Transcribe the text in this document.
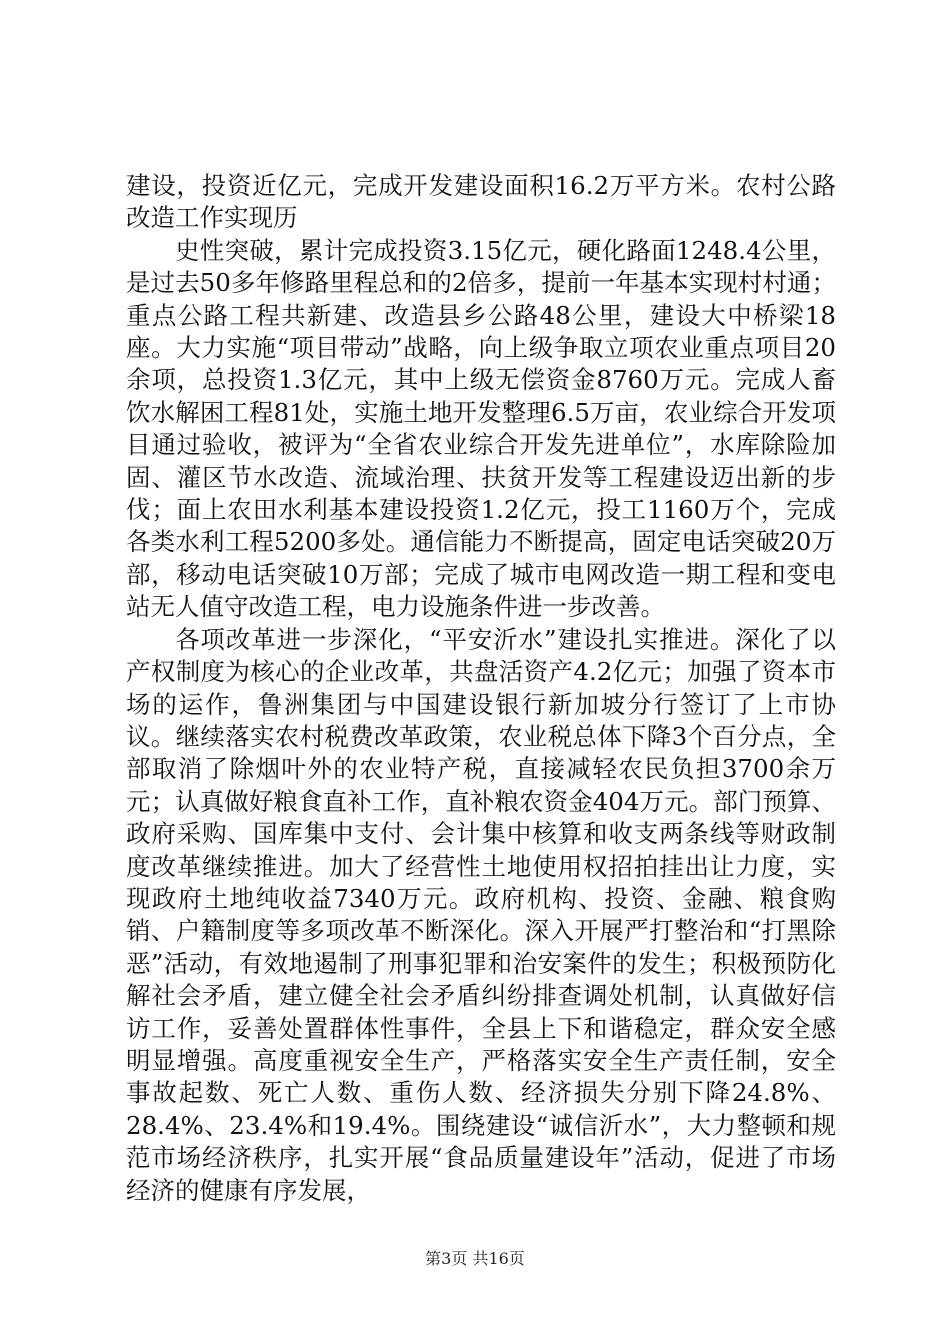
建设，投资近亿元，完成开发建设面积16.2万平方米。农村公路改造工作实现历

史性突破，累计完成投资3.15亿元，硬化路面1248.4公里，是过去50多年修路里程总和的2倍多，提前一年基本实现村村通；重点公路工程共新建、改造县乡公路48公里，建设大中桥梁18座。大力实施“项目带动”战略，向上级争取立项农业重点项目20余项，总投资1.3亿元，其中上级无偿资金8760万元。完成人畜饮水解困工程81处，实施土地开发整理6.5万亩，农业综合开发项目通过验收，被评为“全省农业综合开发先进单位”，水库除险加固、灌区节水改造、流域治理、扶贫开发等工程建设迈出新的步伐；面上农田水利基本建设投资1.2亿元，投工1160万个，完成各类水利工程5200多处。通信能力不断提高，固定电话突破20万部，移动电话突破10万部；完成了城市电网改造一期工程和变电站无人值守改造工程，电力设施条件进一步改善。

各项改革进一步深化，“平安沂水”建设扎实推进。深化了以产权制度为核心的企业改革，共盘活资产4.2亿元；加强了资本市场的运作，鲁洲集团与中国建设银行新加坡分行签订了上市协议。继续落实农村税费改革政策，农业税总体下降3个百分点，全部取消了除烟叶外的农业特产税，直接减轻农民负担3700余万元；认真做好粮食直补工作，直补粮农资金404万元。部门预算、政府采购、国库集中支付、会计集中核算和收支两条线等财政制度改革继续推进。加大了经营性土地使用权招拍挂出让力度，实现政府土地纯收益7340万元。政府机构、投资、金融、粮食购销、户籍制度等多项改革不断深化。深入开展严打整治和“打黑除恶”活动，有效地遏制了刑事犯罪和治安案件的发生；积极预防化解社会矛盾，建立健全社会矛盾纠纷排查调处机制，认真做好信访工作，妥善处置群体性事件，全县上下和谐稳定，群众安全感明显增强。高度重视安全生产，严格落实安全生产责任制，安全事故起数、死亡人数、重伤人数、经济损失分别下降24.8%、28.4%、23.4%和19.4%。围绕建设“诚信沂水”，大力整顿和规范市场经济秩序，扎实开展“食品质量建设年”活动，促进了市场经济的健康有序发展，

第3页 共16页
